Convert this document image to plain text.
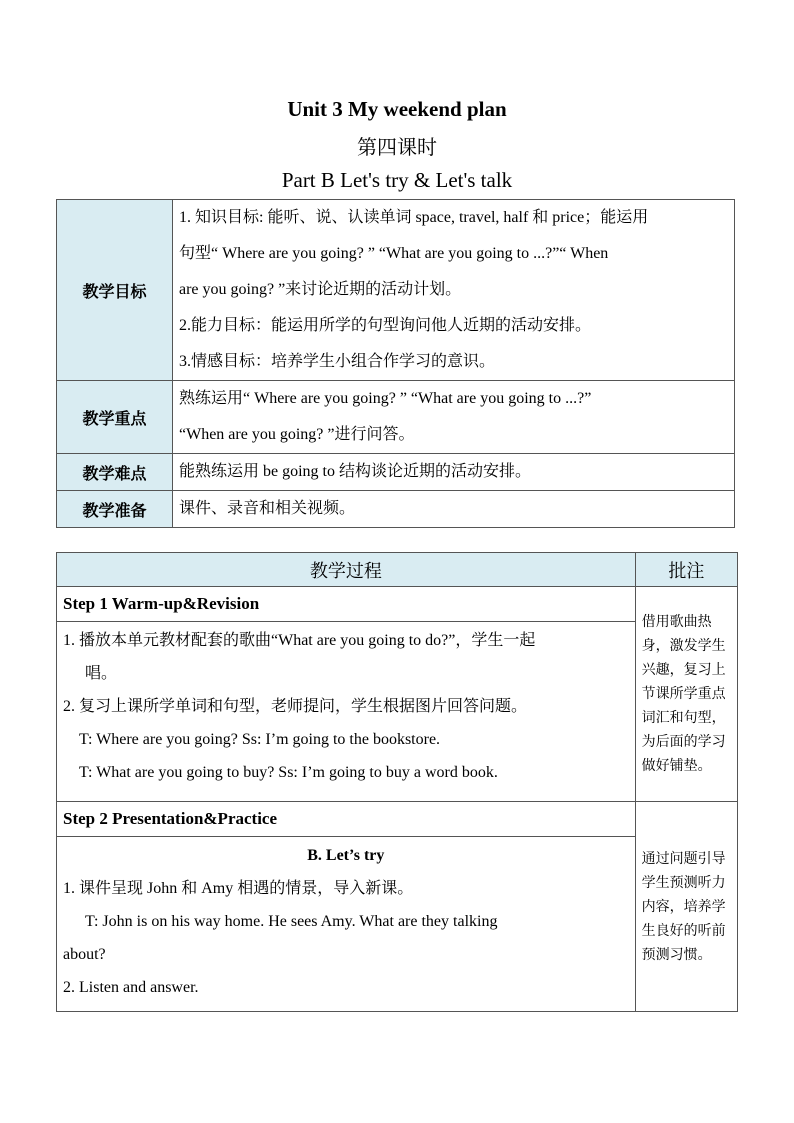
Unit 3 My weekend plan
第四课时
Part B Let's try & Let's talk
教学目标	1. 知识目标: 能听、说、认读单词 space, travel, half 和 price；能运用
句型“ Where are you going? ” “What are you going to ...?”“ When
are you going? ”来讨论近期的活动计划。
2.能力目标：能运用所学的句型询问他人近期的活动安排。
3.情感目标：培养学生小组合作学习的意识。

教学重点	熟练运用“ Where are you going? ” “What are you going to ...?”
“When are you going? ”进行问答。

教学难点	能熟练运用 be going to 结构谈论近期的活动安排。
教学准备	课件、录音和相关视频。
教学过程	批注
Step 1 Warm-up&Revision	借用歌曲热身，激发学生兴趣，复习上节课所学重点词汇和句型，为后面的学习做好铺垫。

1. 播放本单元教材配套的歌曲“What are you going to do?”，学生一起
唱。
2. 复习上课所学单词和句型，老师提问，学生根据图片回答问题。
T: Where are you going? Ss: I’m going to the bookstore.
T: What are you going to buy? Ss: I’m going to buy a word book.	

Step 2 Presentation&Practice	通过问题引导学生预测听力内容，培养学生良好的听前预测习惯。

B. Let’s try
1. 课件呈现 John 和 Amy 相遇的情景，导入新课。
T: John is on his way home. He sees Amy. What are they talking
about?
2. Listen and answer.	
